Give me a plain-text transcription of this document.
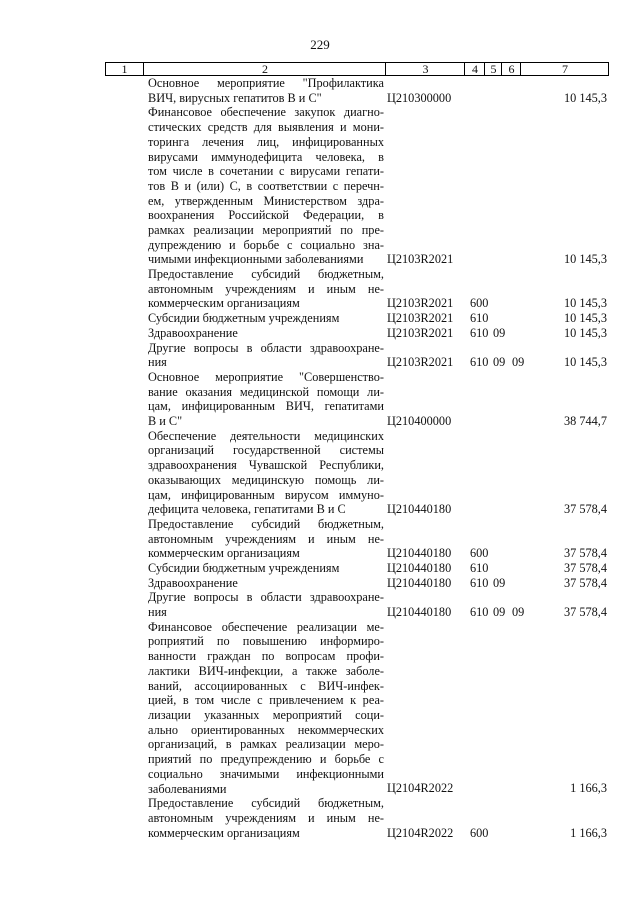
229
1	2	3	4	5	6	7
Основное мероприятие "Профилактика
ВИЧ, вирусных гепатитов В и С"	Ц210300000	10 145,3
Финансовое обеспечение закупок диагно-
стических средств для выявления и мони-
торинга лечения лиц, инфицированных
вирусами иммунодефицита человека, в
том числе в сочетании с вирусами гепати-
тов В и (или) С, в соответствии с перечн-
ем, утвержденным Министерством здра-
воохранения Российской Федерации, в
рамках реализации мероприятий по пре-
дупреждению и борьбе с социально зна-
чимыми инфекционными заболеваниями	Ц2103R2021	10 145,3
Предоставление субсидий бюджетным,
автономным учреждениям и иным не-
коммерческим организациям	Ц2103R2021 600	10 145,3
Субсидии бюджетным учреждениям	Ц2103R2021 610	10 145,3
Здравоохранение	Ц2103R2021 610 09	10 145,3
Другие вопросы в области здравоохране-
ния	Ц2103R2021 610 09 09	10 145,3
Основное мероприятие "Совершенство-
вание оказания медицинской помощи ли-
цам, инфицированным ВИЧ, гепатитами
В и С"	Ц210400000	38 744,7
Обеспечение деятельности медицинских
организаций государственной системы
здравоохранения Чувашской Республики,
оказывающих медицинскую помощь ли-
цам, инфицированным вирусом иммуно-
дефицита человека, гепатитами В и С	Ц210440180	37 578,4
Предоставление субсидий бюджетным,
автономным учреждениям и иным не-
коммерческим организациям	Ц210440180 600	37 578,4
Субсидии бюджетным учреждениям	Ц210440180 610	37 578,4
Здравоохранение	Ц210440180 610 09	37 578,4
Другие вопросы в области здравоохране-
ния	Ц210440180 610 09 09	37 578,4
Финансовое обеспечение реализации ме-
роприятий по повышению информиро-
ванности граждан по вопросам профи-
лактики ВИЧ-инфекции, а также заболе-
ваний, ассоциированных с ВИЧ-инфек-
цией, в том числе с привлечением к реа-
лизации указанных мероприятий соци-
ально ориентированных некоммерческих
организаций, в рамках реализации меро-
приятий по предупреждению и борьбе с
социально значимыми инфекционными
заболеваниями	Ц2104R2022	1 166,3
Предоставление субсидий бюджетным,
автономным учреждениям и иным не-
коммерческим организациям	Ц2104R2022 600	1 166,3
